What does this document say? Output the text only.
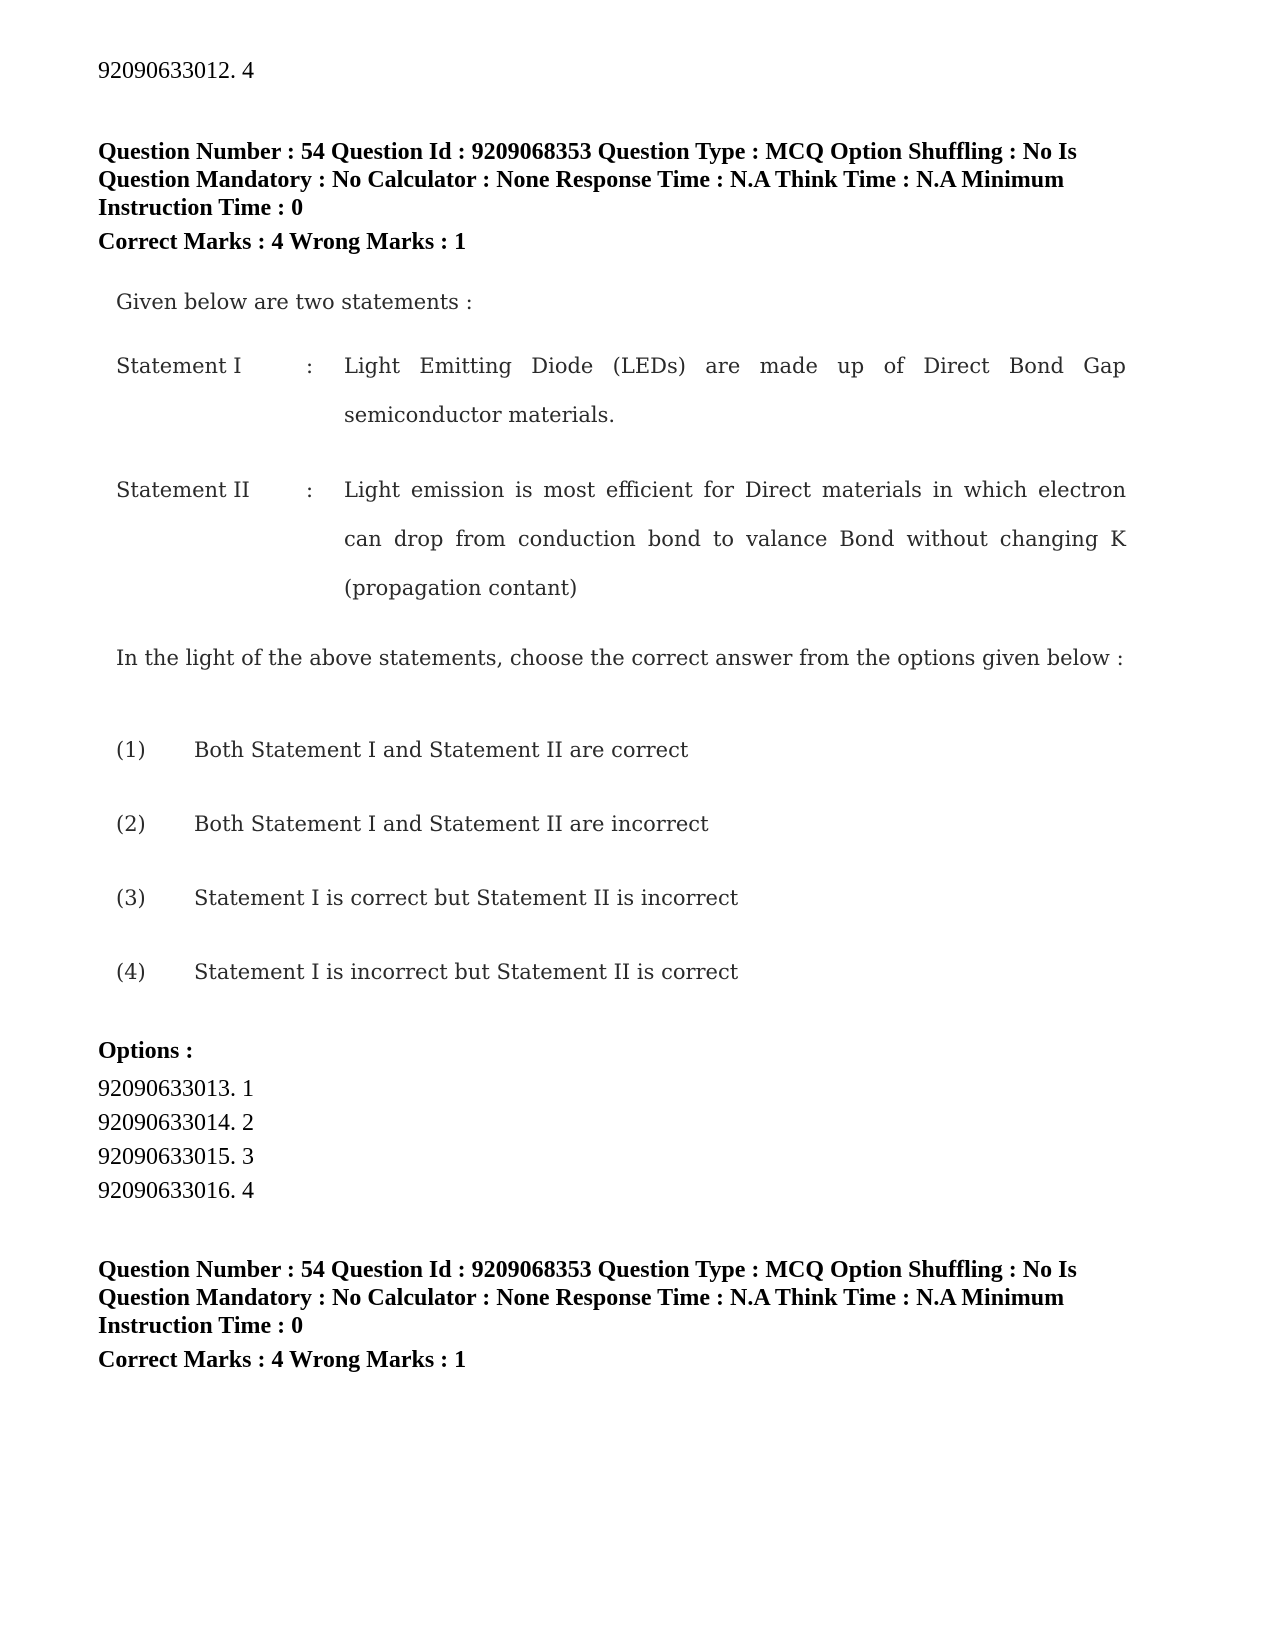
92090633012. 4

Question Number : 54 Question Id : 9209068353 Question Type : MCQ Option Shuffling : No Is

Question Mandatory : No Calculator : None Response Time : N.A Think Time : N.A Minimum

Instruction Time : 0

Correct Marks : 4 Wrong Marks : 1

Given below are two statements :
Statement I	: Light Emitting Diode (LEDs) are made up of Direct Bond Gap semiconductor materials.
Statement II	: Light emission is most efficient for Direct materials in which electron can drop from conduction bond to valance Bond without changing K (propagation contant)
In the light of the above statements, choose the correct answer from the options given below :
(1) Both Statement I and Statement II are correct
(2) Both Statement I and Statement II are incorrect
(3) Statement I is correct but Statement II is incorrect
(4) Statement I is incorrect but Statement II is correct
Options :
92090633013. 1
92090633014. 2
92090633015. 3
92090633016. 4

Question Number : 54 Question Id : 9209068353 Question Type : MCQ Option Shuffling : No Is

Question Mandatory : No Calculator : None Response Time : N.A Think Time : N.A Minimum

Instruction Time : 0

Correct Marks : 4 Wrong Marks : 1
